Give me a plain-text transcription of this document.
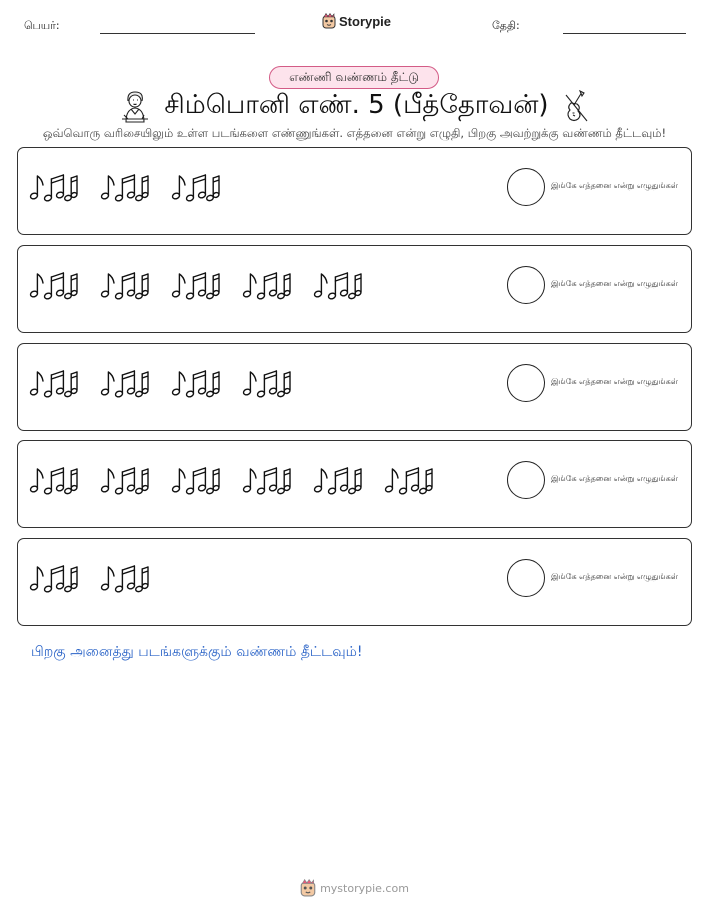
பெயர்:	Storypie	தேதி:
எண்ணி வண்ணம் தீட்டு
சிம்பொனி எண். 5 (பீத்தோவன்)
ஒவ்வொரு வரிசையிலும் உள்ள படங்களை எண்ணுங்கள். எத்தனை என்று எழுதி, பிறகு அவற்றுக்கு வண்ணம் தீட்டவும்!
இங்கே எத்தனை என்று எழுதுங்கள்
இங்கே எத்தனை என்று எழுதுங்கள்
இங்கே எத்தனை என்று எழுதுங்கள்
இங்கே எத்தனை என்று எழுதுங்கள்
இங்கே எத்தனை என்று எழுதுங்கள்
பிறகு அனைத்து படங்களுக்கும் வண்ணம் தீட்டவும்!
mystorypie.com
